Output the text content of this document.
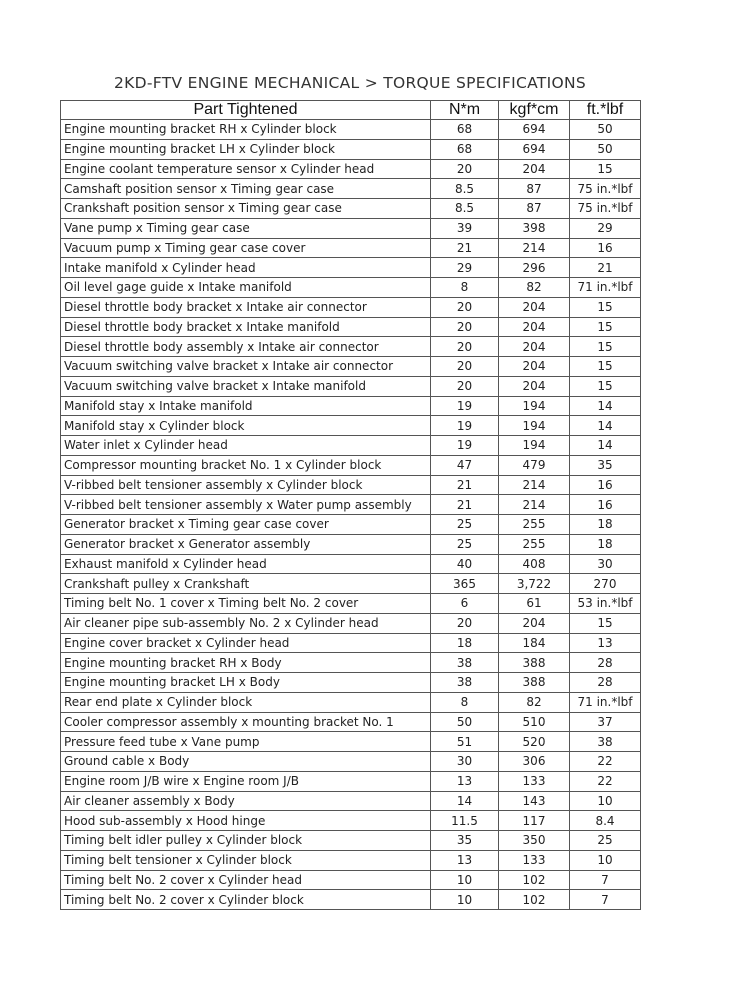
2KD-FTV ENGINE MECHANICAL > TORQUE SPECIFICATIONS
Part Tightened	N*m	kgf*cm	ft.*lbf
Engine mounting bracket RH x Cylinder block	68	694	50
Engine mounting bracket LH x Cylinder block	68	694	50
Engine coolant temperature sensor x Cylinder head	20	204	15
Camshaft position sensor x Timing gear case	8.5	87	75 in.*lbf
Crankshaft position sensor x Timing gear case	8.5	87	75 in.*lbf
Vane pump x Timing gear case	39	398	29
Vacuum pump x Timing gear case cover	21	214	16
Intake manifold x Cylinder head	29	296	21
Oil level gage guide x Intake manifold	8	82	71 in.*lbf
Diesel throttle body bracket x Intake air connector	20	204	15
Diesel throttle body bracket x Intake manifold	20	204	15
Diesel throttle body assembly x Intake air connector	20	204	15
Vacuum switching valve bracket x Intake air connector	20	204	15
Vacuum switching valve bracket x Intake manifold	20	204	15
Manifold stay x Intake manifold	19	194	14
Manifold stay x Cylinder block	19	194	14
Water inlet x Cylinder head	19	194	14
Compressor mounting bracket No. 1 x Cylinder block	47	479	35
V-ribbed belt tensioner assembly x Cylinder block	21	214	16
V-ribbed belt tensioner assembly x Water pump assembly	21	214	16
Generator bracket x Timing gear case cover	25	255	18
Generator bracket x Generator assembly	25	255	18
Exhaust manifold x Cylinder head	40	408	30
Crankshaft pulley x Crankshaft	365	3,722	270
Timing belt No. 1 cover x Timing belt No. 2 cover	6	61	53 in.*lbf
Air cleaner pipe sub-assembly No. 2 x Cylinder head	20	204	15
Engine cover bracket x Cylinder head	18	184	13
Engine mounting bracket RH x Body	38	388	28
Engine mounting bracket LH x Body	38	388	28
Rear end plate x Cylinder block	8	82	71 in.*lbf
Cooler compressor assembly x mounting bracket No. 1	50	510	37
Pressure feed tube x Vane pump	51	520	38
Ground cable x Body	30	306	22
Engine room J/B wire x Engine room J/B	13	133	22
Air cleaner assembly x Body	14	143	10
Hood sub-assembly x Hood hinge	11.5	117	8.4
Timing belt idler pulley x Cylinder block	35	350	25
Timing belt tensioner x Cylinder block	13	133	10
Timing belt No. 2 cover x Cylinder head	10	102	7
Timing belt No. 2 cover x Cylinder block	10	102	7
